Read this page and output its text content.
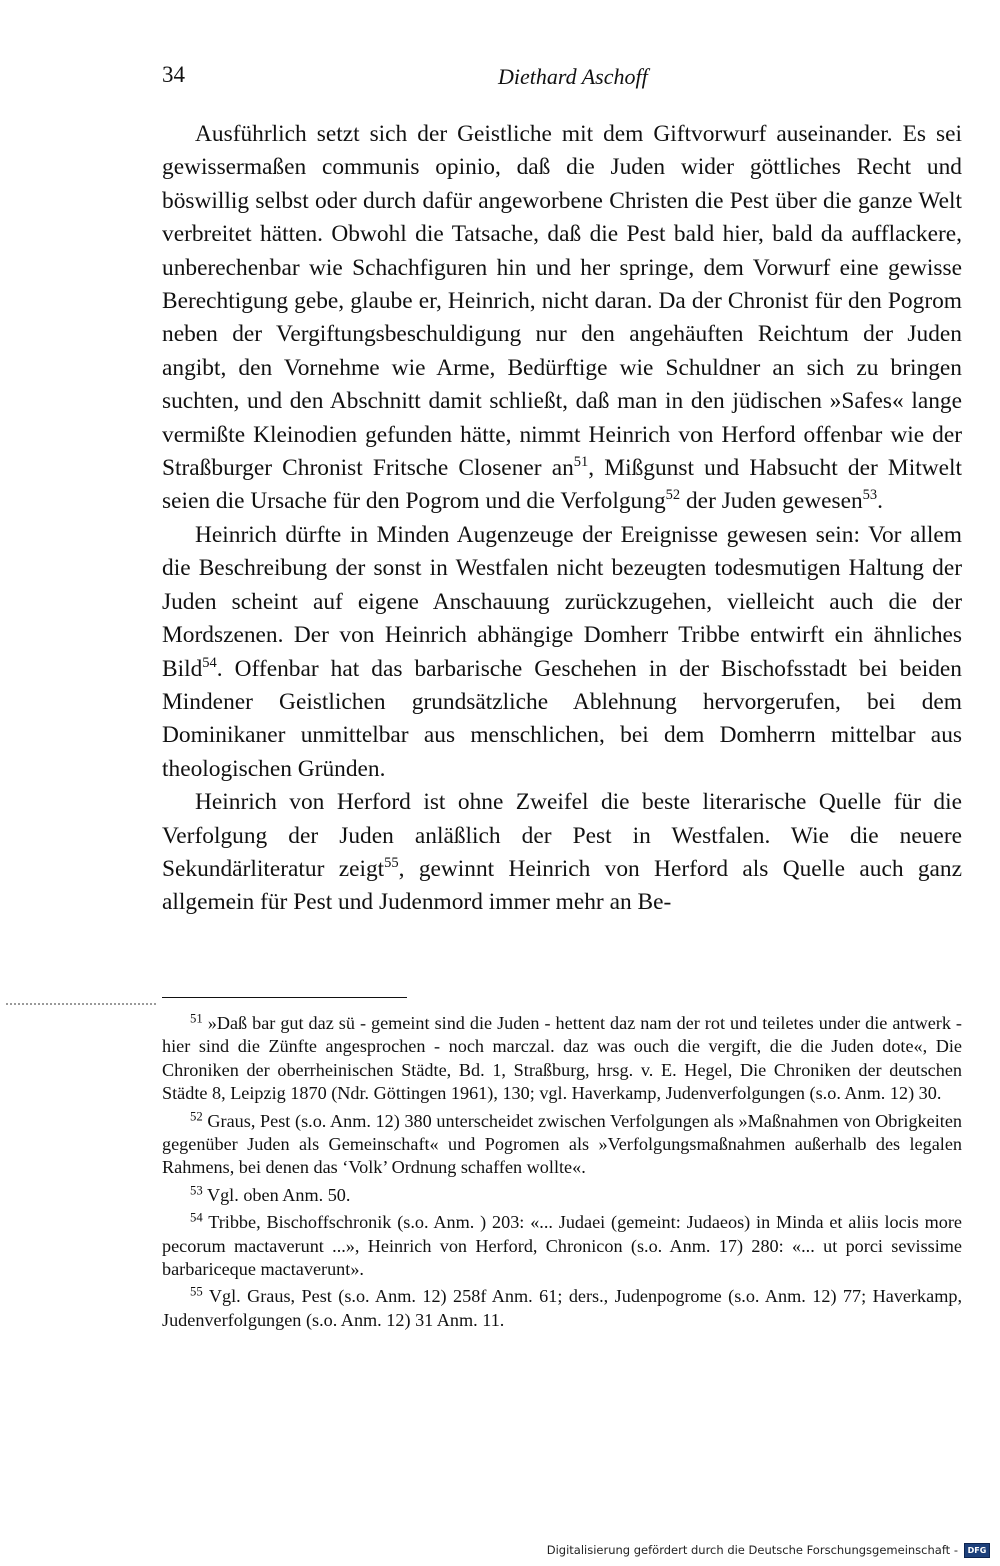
34	Diethard Aschoff

Ausführlich setzt sich der Geistliche mit dem Giftvorwurf auseinander. Es sei gewissermaßen communis opinio, daß die Juden wider göttliches Recht und böswillig selbst oder durch dafür angeworbene Christen die Pest über die ganze Welt verbreitet hätten. Obwohl die Tatsache, daß die Pest bald hier, bald da aufflackere, unberechenbar wie Schachfiguren hin und her springe, dem Vorwurf eine gewisse Berechtigung gebe, glaube er, Heinrich, nicht daran. Da der Chronist für den Pogrom neben der Vergiftungsbeschuldigung nur den angehäuften Reichtum der Juden angibt, den Vornehme wie Arme, Bedürftige wie Schuldner an sich zu bringen suchten, und den Abschnitt damit schließt, daß man in den jüdischen »Safes« lange vermißte Kleinodien gefunden hätte, nimmt Heinrich von Herford offenbar wie der Straßburger Chronist Fritsche Closener $an^{51}$, Mißgunst und Habsucht der Mitwelt seien die Ursache für den Pogrom und die Verfolgung$^{52}$ der Juden gewesen$^{53}$.

Heinrich dürfte in Minden Augenzeuge der Ereignisse gewesen sein: Vor allem die Beschreibung der sonst in Westfalen nicht bezeugten todesmutigen Haltung der Juden scheint auf eigene Anschauung zurückzugehen, vielleicht auch die der Mordszenen. Der von Heinrich abhängige Domherr Tribbe entwirft ein ähnliches Bild$^{54}$. Offenbar hat das barbarische Geschehen in der Bischofsstadt bei beiden Mindener Geistlichen grundsätzliche Ablehnung hervorgerufen, bei dem Dominikaner unmittelbar aus menschlichen, bei dem Domherrn mittelbar aus theologischen Gründen.

Heinrich von Herford ist ohne Zweifel die beste literarische Quelle für die Verfolgung der Juden anläßlich der Pest in Westfalen. Wie die neuere Sekundärliteratur zeigt$^{55}$, gewinnt Heinrich von Herford als Quelle auch ganz allgemein für Pest und Judenmord immer mehr an Be-

$^{51}$ »Daß bar gut daz sü - gemeint sind die Juden - hettent daz nam der rot und teiletes under die antwerk - hier sind die Zünfte angesprochen - noch marczal. daz was ouch die vergift, die die Juden dote«, Die Chroniken der oberrheinischen Städte, Bd. 1, Straßburg, hrsg. v. E. Hegel, Die Chroniken der deutschen Städte 8, Leipzig 1870 (Ndr. Göttingen 1961), 130; vgl. Haverkamp, Judenverfolgungen (s.o. Anm. 12) 30.

$^{52}$ Graus, Pest (s.o. Anm. 12) 380 unterscheidet zwischen Verfolgungen als »Maßnahmen von Obrigkeiten gegenüber Juden als Gemeinschaft« und Pogromen als »Verfolgungsmaßnahmen außerhalb des legalen Rahmens, bei denen das ‘Volk’ Ordnung schaffen wollte«.

$^{53}$ Vgl. oben Anm. 50.

$^{54}$ Tribbe, Bischoffschronik (s.o. Anm. ) 203: «... Judaei (gemeint: Judaeos) in Minda et aliis locis more pecorum mactaverunt ...», Heinrich von Herford, Chronicon (s.o. Anm. 17) 280: «... ut porci sevissime barbariceque mactaverunt».

$^{55}$ Vgl. Graus, Pest (s.o. Anm. 12) 258f Anm. 61; ders., Judenpogrome (s.o. Anm. 12) 77; Haverkamp, Judenverfolgungen (s.o. Anm. 12) 31 Anm. 11.

Digitalisierung gefördert durch die Deutsche Forschungsgemeinschaft -	DFG
